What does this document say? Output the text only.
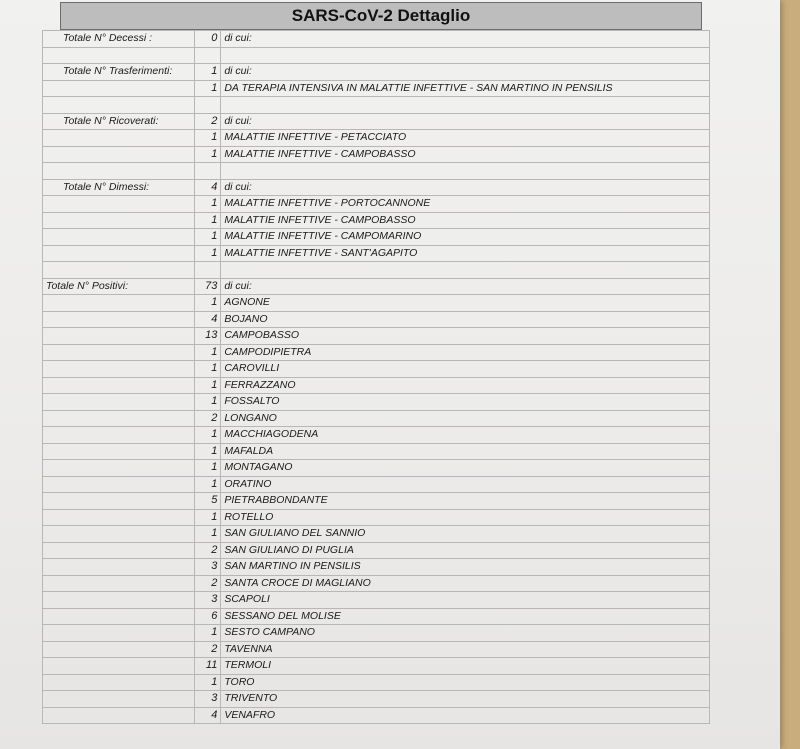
SARS-CoV-2 Dettaglio
Totale N° Decessi :	0	di cui:

Totale N° Trasferimenti:	1	di cui:
	1	DA TERAPIA INTENSIVA IN MALATTIE INFETTIVE - SAN MARTINO IN PENSILIS

Totale N° Ricoverati:	2	di cui:
	1	MALATTIE INFETTIVE - PETACCIATO
	1	MALATTIE INFETTIVE - CAMPOBASSO

Totale N° Dimessi:	4	di cui:
	1	MALATTIE INFETTIVE - PORTOCANNONE
	1	MALATTIE INFETTIVE - CAMPOBASSO
	1	MALATTIE INFETTIVE - CAMPOMARINO
	1	MALATTIE INFETTIVE - SANT'AGAPITO

Totale N° Positivi:	73	di cui:
	1	AGNONE
	4	BOJANO
	13	CAMPOBASSO
	1	CAMPODIPIETRA
	1	CAROVILLI
	1	FERRAZZANO
	1	FOSSALTO
	2	LONGANO
	1	MACCHIAGODENA
	1	MAFALDA
	1	MONTAGANO
	1	ORATINO
	5	PIETRABBONDANTE
	1	ROTELLO
	1	SAN GIULIANO DEL SANNIO
	2	SAN GIULIANO DI PUGLIA
	3	SAN MARTINO IN PENSILIS
	2	SANTA CROCE DI MAGLIANO
	3	SCAPOLI
	6	SESSANO DEL MOLISE
	1	SESTO CAMPANO
	2	TAVENNA
	11	TERMOLI
	1	TORO
	3	TRIVENTO
	4	VENAFRO
